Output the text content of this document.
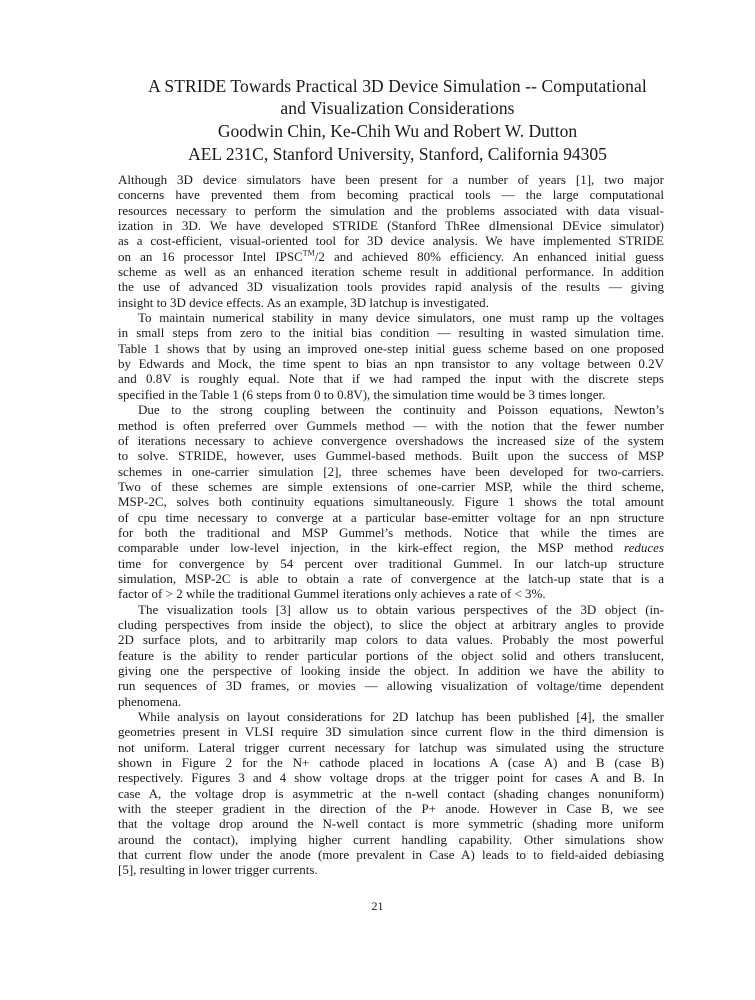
A STRIDE Towards Practical 3D Device Simulation -- Computational
and Visualization Considerations
Goodwin Chin, Ke-Chih Wu and Robert W. Dutton
AEL 231C, Stanford University, Stanford, California 94305

Although 3D device simulators have been present for a number of years [1], two major
concerns have prevented them from becoming practical tools — the large computational
resources necessary to perform the simulation and the problems associated with data visual-
ization in 3D. We have developed STRIDE (Stanford ThRee dImensional DEvice simulator)
as a cost-efficient, visual-oriented tool for 3D device analysis. We have implemented STRIDE
on an 16 processor Intel IPSC™/2 and achieved 80% efficiency. An enhanced initial guess
scheme as well as an enhanced iteration scheme result in additional performance. In addition
the use of advanced 3D visualization tools provides rapid analysis of the results — giving
insight to 3D device effects. As an example, 3D latchup is investigated.

To maintain numerical stability in many device simulators, one must ramp up the voltages
in small steps from zero to the initial bias condition — resulting in wasted simulation time.
Table 1 shows that by using an improved one-step initial guess scheme based on one proposed
by Edwards and Mock, the time spent to bias an npn transistor to any voltage between 0.2V
and 0.8V is roughly equal. Note that if we had ramped the input with the discrete steps
specified in the Table 1 (6 steps from 0 to 0.8V), the simulation time would be 3 times longer.

Due to the strong coupling between the continuity and Poisson equations, Newton’s
method is often preferred over Gummels method — with the notion that the fewer number
of iterations necessary to achieve convergence overshadows the increased size of the system
to solve. STRIDE, however, uses Gummel-based methods. Built upon the success of MSP
schemes in one-carrier simulation [2], three schemes have been developed for two-carriers.
Two of these schemes are simple extensions of one-carrier MSP, while the third scheme,
MSP-2C, solves both continuity equations simultaneously. Figure 1 shows the total amount
of cpu time necessary to converge at a particular base-emitter voltage for an npn structure
for both the traditional and MSP Gummel’s methods. Notice that while the times are
comparable under low-level injection, in the kirk-effect region, the MSP method reduces
time for convergence by 54 percent over traditional Gummel. In our latch-up structure
simulation, MSP-2C is able to obtain a rate of convergence at the latch-up state that is a
factor of > 2 while the traditional Gummel iterations only achieves a rate of < 3%.

The visualization tools [3] allow us to obtain various perspectives of the 3D object (in-
cluding perspectives from inside the object), to slice the object at arbitrary angles to provide
2D surface plots, and to arbitrarily map colors to data values. Probably the most powerful
feature is the ability to render particular portions of the object solid and others translucent,
giving one the perspective of looking inside the object. In addition we have the ability to
run sequences of 3D frames, or movies — allowing visualization of voltage/time dependent
phenomena.

While analysis on layout considerations for 2D latchup has been published [4], the smaller
geometries present in VLSI require 3D simulation since current flow in the third dimension is
not uniform. Lateral trigger current necessary for latchup was simulated using the structure
shown in Figure 2 for the N+ cathode placed in locations A (case A) and B (case B)
respectively. Figures 3 and 4 show voltage drops at the trigger point for cases A and B. In
case A, the voltage drop is asymmetric at the n-well contact (shading changes nonuniform)
with the steeper gradient in the direction of the P+ anode. However in Case B, we see
that the voltage drop around the N-well contact is more symmetric (shading more uniform
around the contact), implying higher current handling capability. Other simulations show
that current flow under the anode (more prevalent in Case A) leads to to field-aided debiasing
[5], resulting in lower trigger currents.

21
